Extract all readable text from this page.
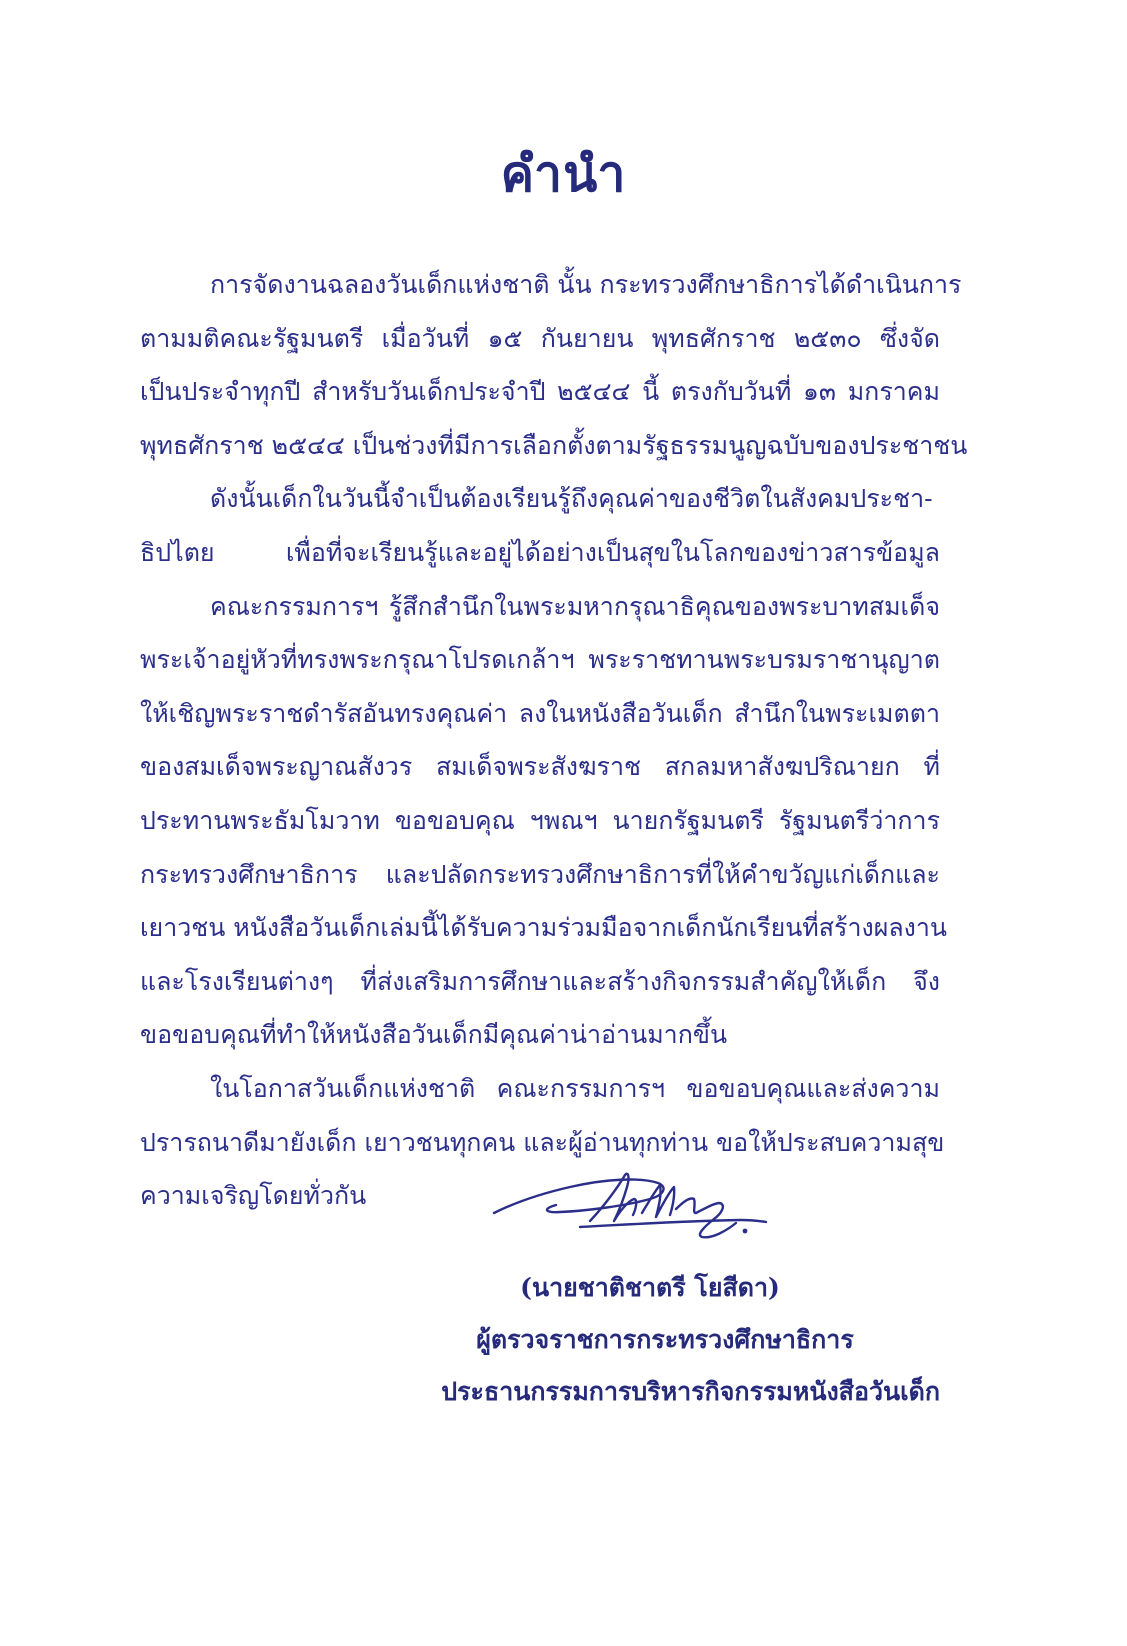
คำนำ
การจัดงานฉลองวันเด็กแห่งชาติ นั้น กระทรวงศึกษาธิการได้ดำเนินการ
ตามมติคณะรัฐมนตรี เมื่อวันที่ ๑๕ กันยายน พุทธศักราช ๒๕๓๐ ซึ่งจัด
เป็นประจำทุกปี สำหรับวันเด็กประจำปี ๒๕๔๔ นี้ ตรงกับวันที่ ๑๓ มกราคม
พุทธศักราช ๒๕๔๔ เป็นช่วงที่มีการเลือกตั้งตามรัฐธรรมนูญฉบับของประชาชน
ดังนั้นเด็กในวันนี้จำเป็นต้องเรียนรู้ถึงคุณค่าของชีวิตในสังคมประชา-
ธิปไตย เพื่อที่จะเรียนรู้และอยู่ได้อย่างเป็นสุขในโลกของข่าวสารข้อมูล
คณะกรรมการฯ รู้สึกสำนึกในพระมหากรุณาธิคุณของพระบาทสมเด็จ
พระเจ้าอยู่หัวที่ทรงพระกรุณาโปรดเกล้าฯ พระราชทานพระบรมราชานุญาต
ให้เชิญพระราชดำรัสอันทรงคุณค่า ลงในหนังสือวันเด็ก สำนึกในพระเมตตา
ของสมเด็จพระญาณสังวร สมเด็จพระสังฆราช สกลมหาสังฆปริณายก ที่
ประทานพระธัมโมวาท ขอขอบคุณ ฯพณฯ นายกรัฐมนตรี รัฐมนตรีว่าการ
กระทรวงศึกษาธิการ และปลัดกระทรวงศึกษาธิการที่ให้คำขวัญแก่เด็กและ
เยาวชน หนังสือวันเด็กเล่มนี้ได้รับความร่วมมือจากเด็กนักเรียนที่สร้างผลงาน
และโรงเรียนต่างๆ ที่ส่งเสริมการศึกษาและสร้างกิจกรรมสำคัญให้เด็ก จึง
ขอขอบคุณที่ทำให้หนังสือวันเด็กมีคุณค่าน่าอ่านมากขึ้น
ในโอกาสวันเด็กแห่งชาติ คณะกรรมการฯ ขอขอบคุณและส่งความ
ปรารถนาดีมายังเด็ก เยาวชนทุกคน และผู้อ่านทุกท่าน ขอให้ประสบความสุข
ความเจริญโดยทั่วกัน
(นายชาติชาตรี โยสีดา)
ผู้ตรวจราชการกระทรวงศึกษาธิการ
ประธานกรรมการบริหารกิจกรรมหนังสือวันเด็ก
